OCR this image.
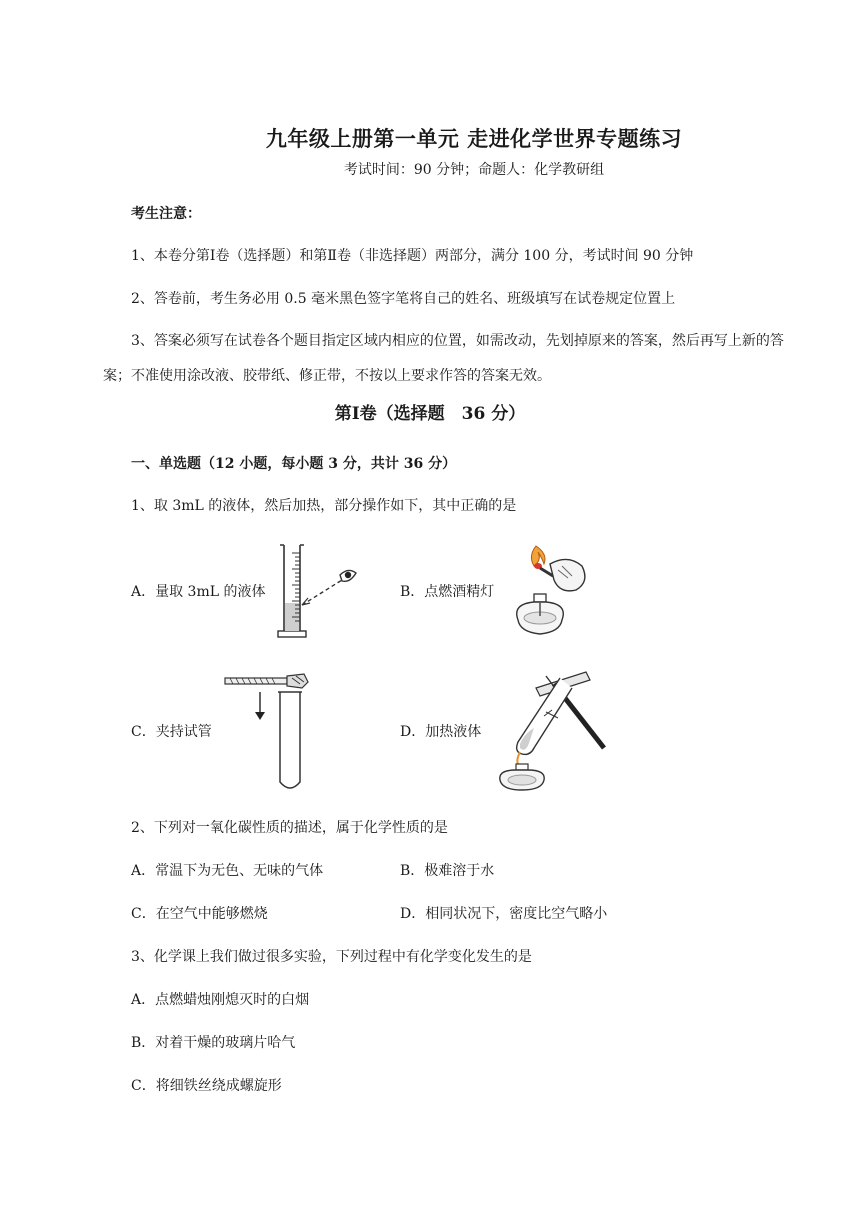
九年级上册第一单元 走进化学世界专题练习
考试时间：90 分钟；命题人：化学教研组
考生注意：
1、本卷分第Ⅰ卷（选择题）和第Ⅱ卷（非选择题）两部分，满分 100 分，考试时间 90 分钟
2、答卷前，考生务必用 0.5 毫米黑色签字笔将自己的姓名、班级填写在试卷规定位置上
3、答案必须写在试卷各个题目指定区域内相应的位置，如需改动，先划掉原来的答案，然后再写上新的答案；不准使用涂改液、胶带纸、修正带，不按以上要求作答的答案无效。
第Ⅰ卷（选择题　36 分）
一、单选题（12 小题，每小题 3 分，共计 36 分）
1、取 3mL 的液体，然后加热，部分操作如下，其中正确的是
A．量取 3mL 的液体	B．点燃酒精灯
C．夹持试管	D．加热液体
2、下列对一氧化碳性质的描述，属于化学性质的是
A．常温下为无色、无味的气体	B．极难溶于水
C．在空气中能够燃烧	D．相同状况下，密度比空气略小
3、化学课上我们做过很多实验，下列过程中有化学变化发生的是
A．点燃蜡烛刚熄灭时的白烟
B．对着干燥的玻璃片哈气
C．将细铁丝绕成螺旋形
